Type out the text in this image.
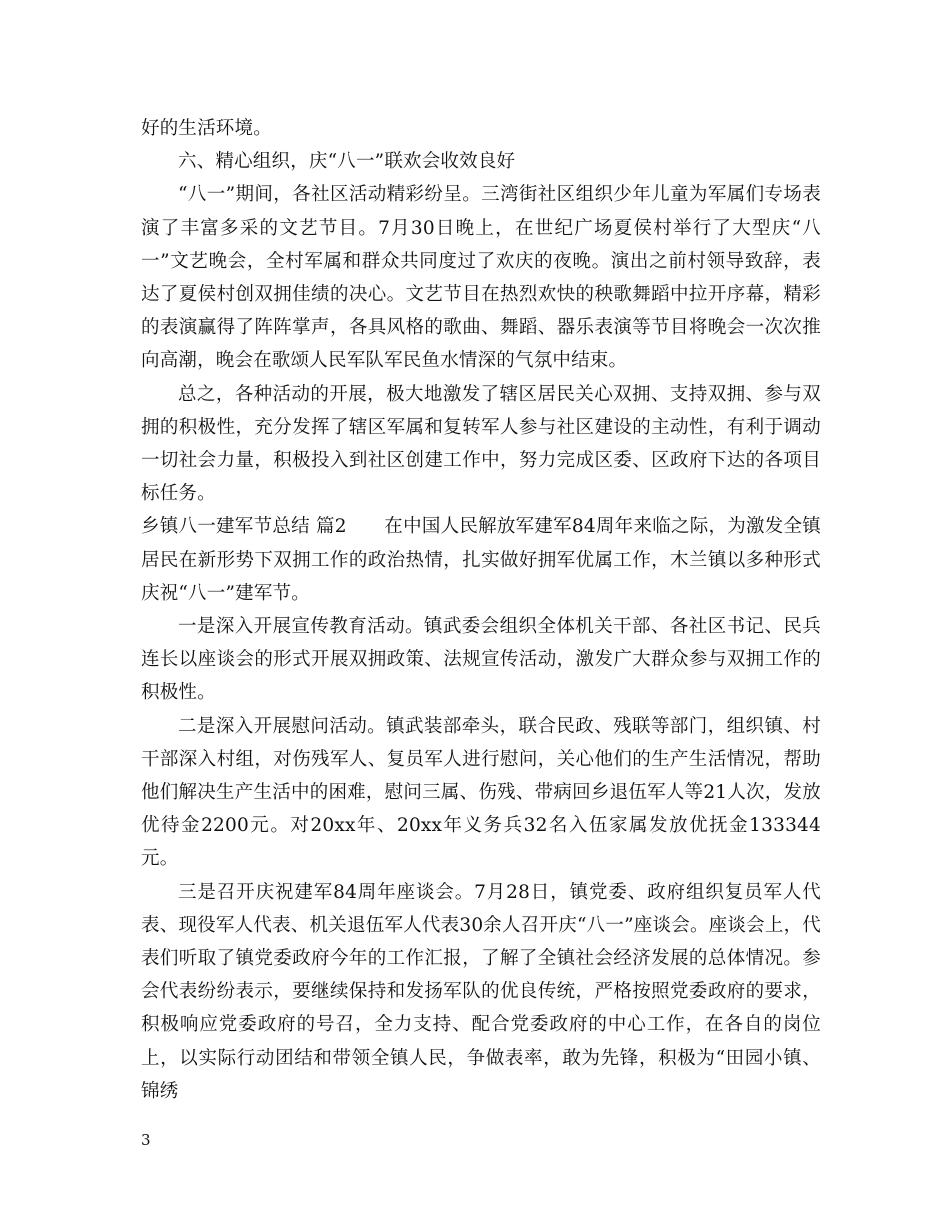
好的生活环境。

六、精心组织，庆“八一”联欢会收效良好

“八一”期间，各社区活动精彩纷呈。三湾街社区组织少年儿童为军属们专场表演了丰富多采的文艺节目。7月30日晚上，在世纪广场夏侯村举行了大型庆“八一”文艺晚会，全村军属和群众共同度过了欢庆的夜晚。演出之前村领导致辞，表达了夏侯村创双拥佳绩的决心。文艺节目在热烈欢快的秧歌舞蹈中拉开序幕，精彩的表演赢得了阵阵掌声，各具风格的歌曲、舞蹈、器乐表演等节目将晚会一次次推向高潮，晚会在歌颂人民军队军民鱼水情深的气氛中结束。

总之，各种活动的开展，极大地激发了辖区居民关心双拥、支持双拥、参与双拥的积极性，充分发挥了辖区军属和复转军人参与社区建设的主动性，有利于调动一切社会力量，积极投入到社区创建工作中，努力完成区委、区政府下达的各项目标任务。

乡镇八一建军节总结 篇2　　在中国人民解放军建军84周年来临之际，为激发全镇居民在新形势下双拥工作的政治热情，扎实做好拥军优属工作，木兰镇以多种形式庆祝“八一”建军节。

一是深入开展宣传教育活动。镇武委会组织全体机关干部、各社区书记、民兵连长以座谈会的形式开展双拥政策、法规宣传活动，激发广大群众参与双拥工作的积极性。

二是深入开展慰问活动。镇武装部牵头，联合民政、残联等部门，组织镇、村干部深入村组，对伤残军人、复员军人进行慰问，关心他们的生产生活情况，帮助他们解决生产生活中的困难，慰问三属、伤残、带病回乡退伍军人等21人次，发放优待金2200元。对20xx年、20xx年义务兵32名入伍家属发放优抚金133344元。

三是召开庆祝建军84周年座谈会。7月28日，镇党委、政府组织复员军人代表、现役军人代表、机关退伍军人代表30余人召开庆“八一”座谈会。座谈会上，代表们听取了镇党委政府今年的工作汇报，了解了全镇社会经济发展的总体情况。参会代表纷纷表示，要继续保持和发扬军队的优良传统，严格按照党委政府的要求，积极响应党委政府的号召，全力支持、配合党委政府的中心工作，在各自的岗位上，以实际行动团结和带领全镇人民，争做表率，敢为先锋，积极为“田园小镇、锦绣

3
